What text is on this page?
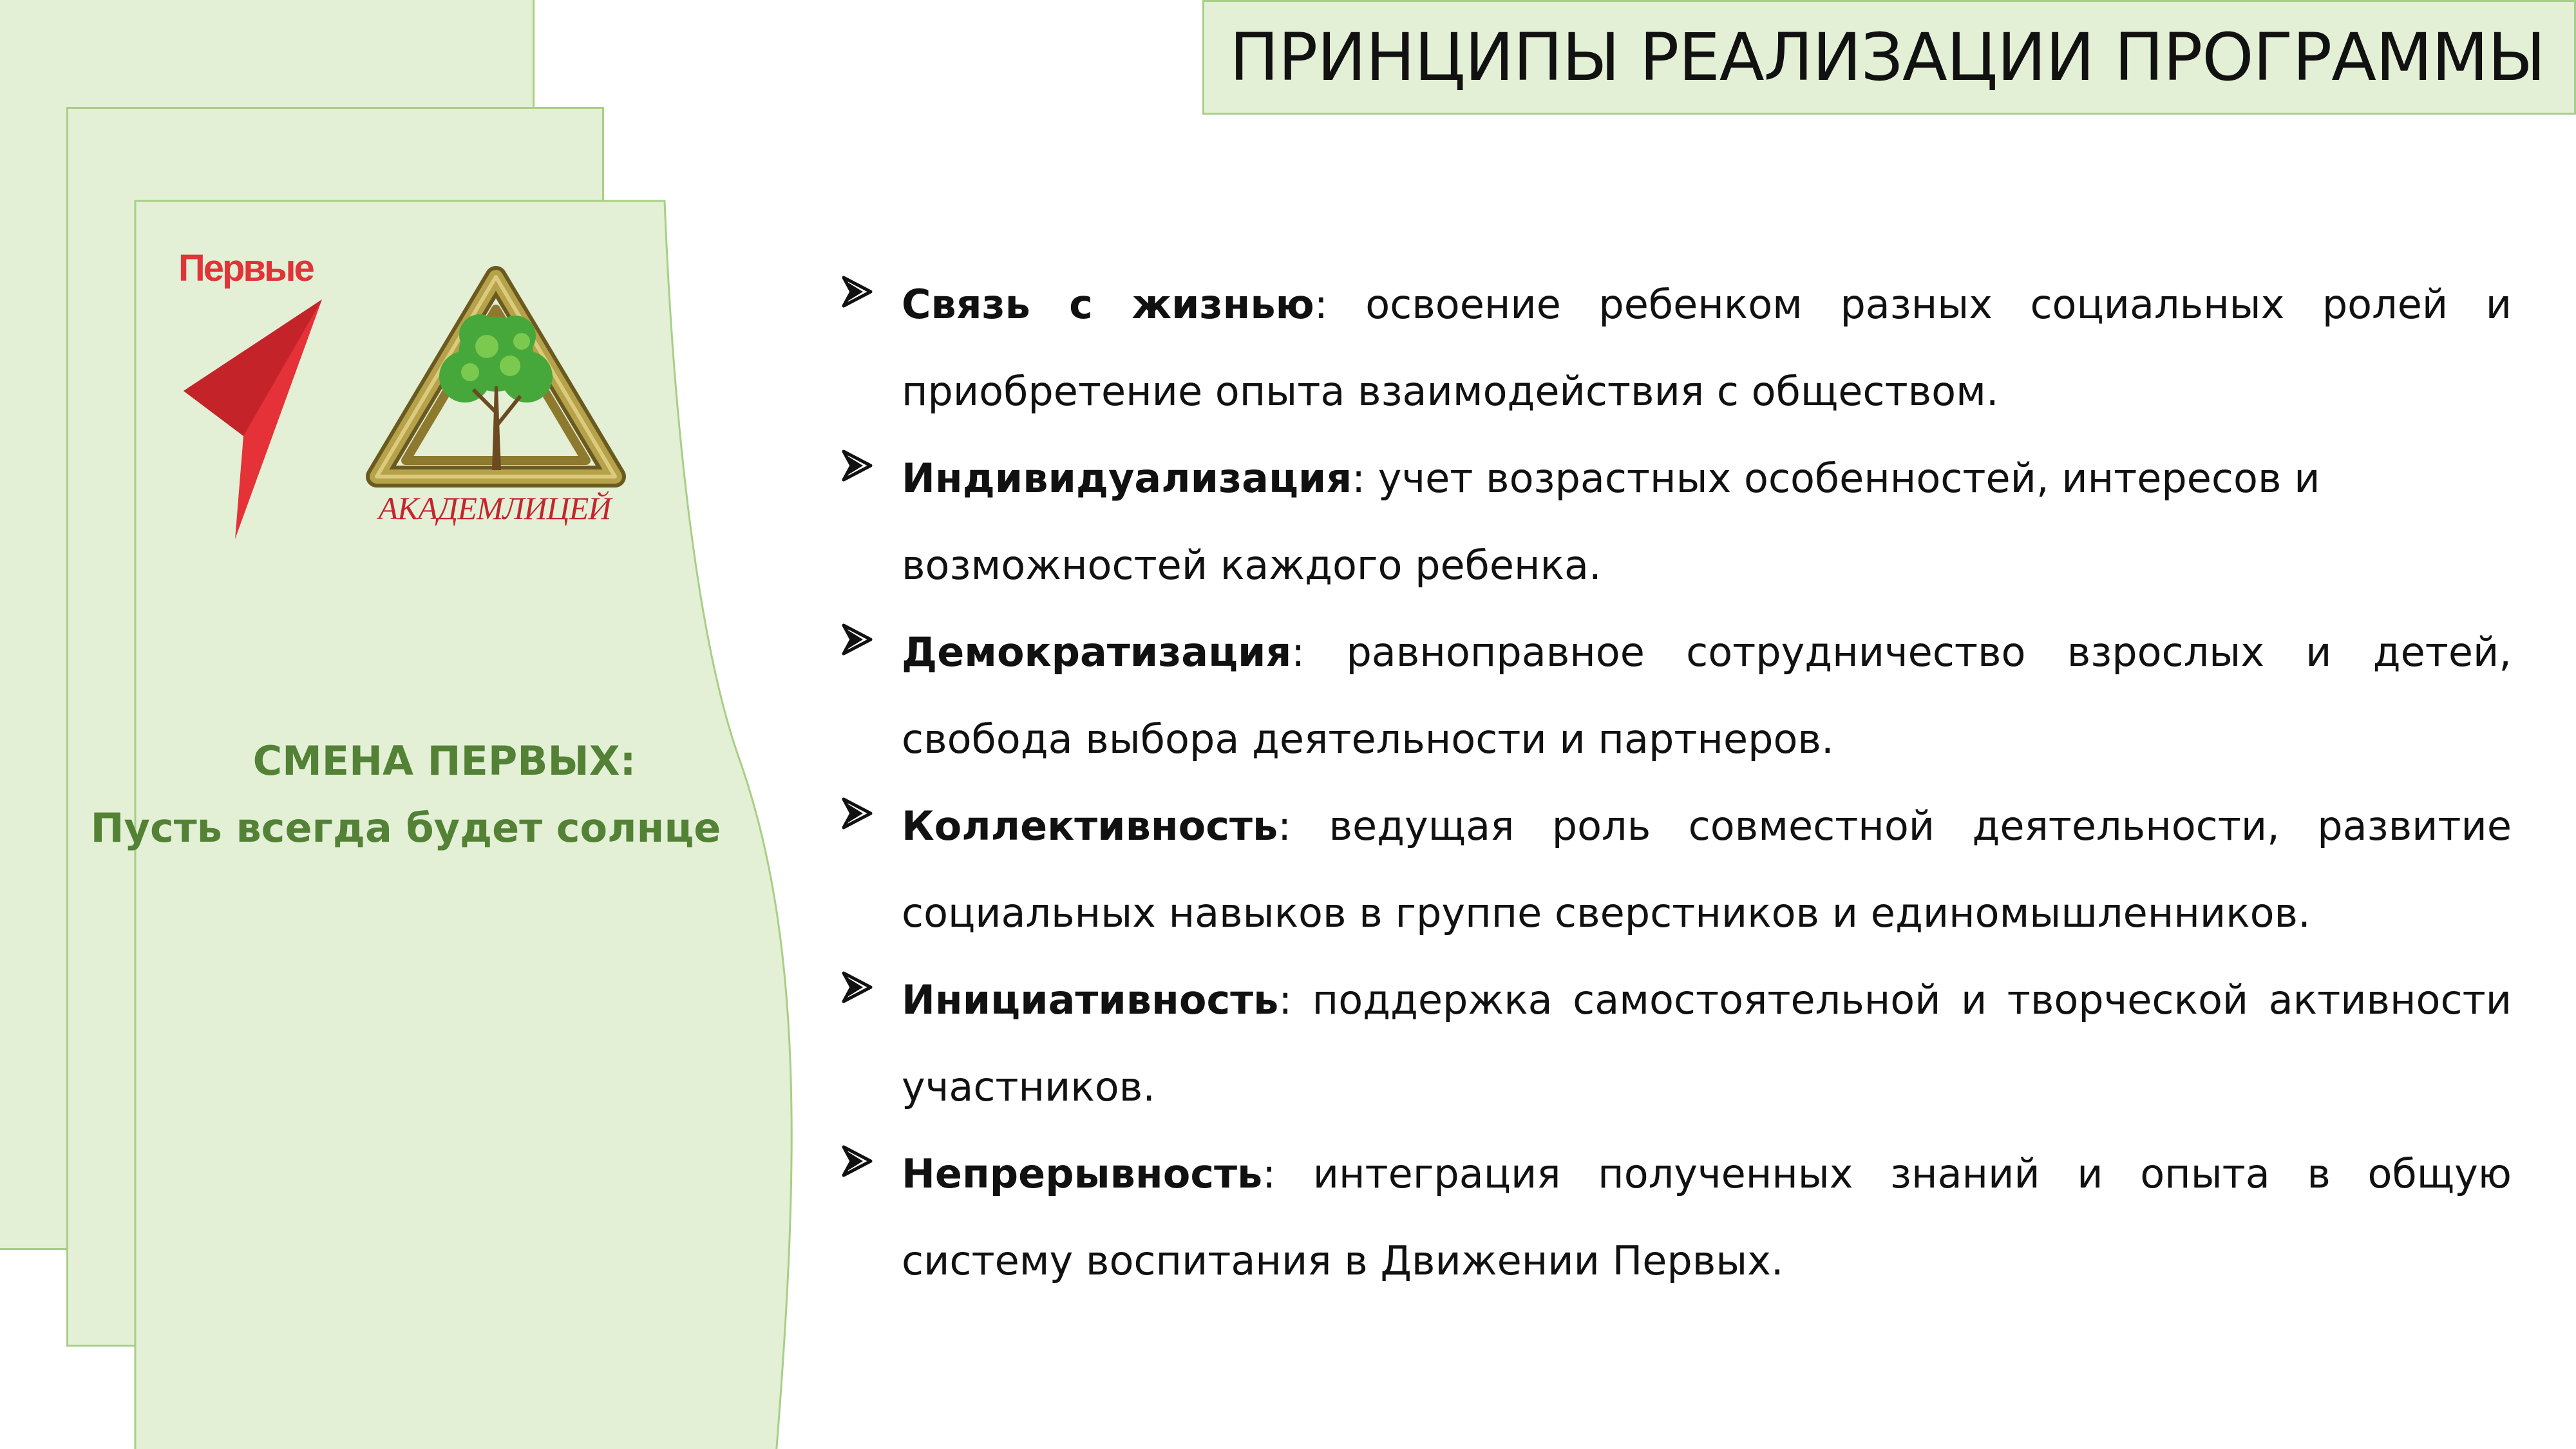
ПРИНЦИПЫ РЕАЛИЗАЦИИ ПРОГРАММЫ
Первые
АКАДЕМЛИЦЕЙ
СМЕНА ПЕРВЫХ:
Пусть всегда будет солнце
Связь с жизнью: освоение ребенком разных социальных ролей и приобретение опыта взаимодействия с обществом.
Индивидуализация: учет возрастных особенностей, интересов и возможностей каждого ребенка.
Демократизация: равноправное сотрудничество взрослых и детей, свобода выбора деятельности и партнеров.
Коллективность: ведущая роль совместной деятельности, развитие социальных навыков в группе сверстников и единомышленников.
Инициативность: поддержка самостоятельной и творческой активности участников.
Непрерывность: интеграция полученных знаний и опыта в общую систему воспитания в Движении Первых.
